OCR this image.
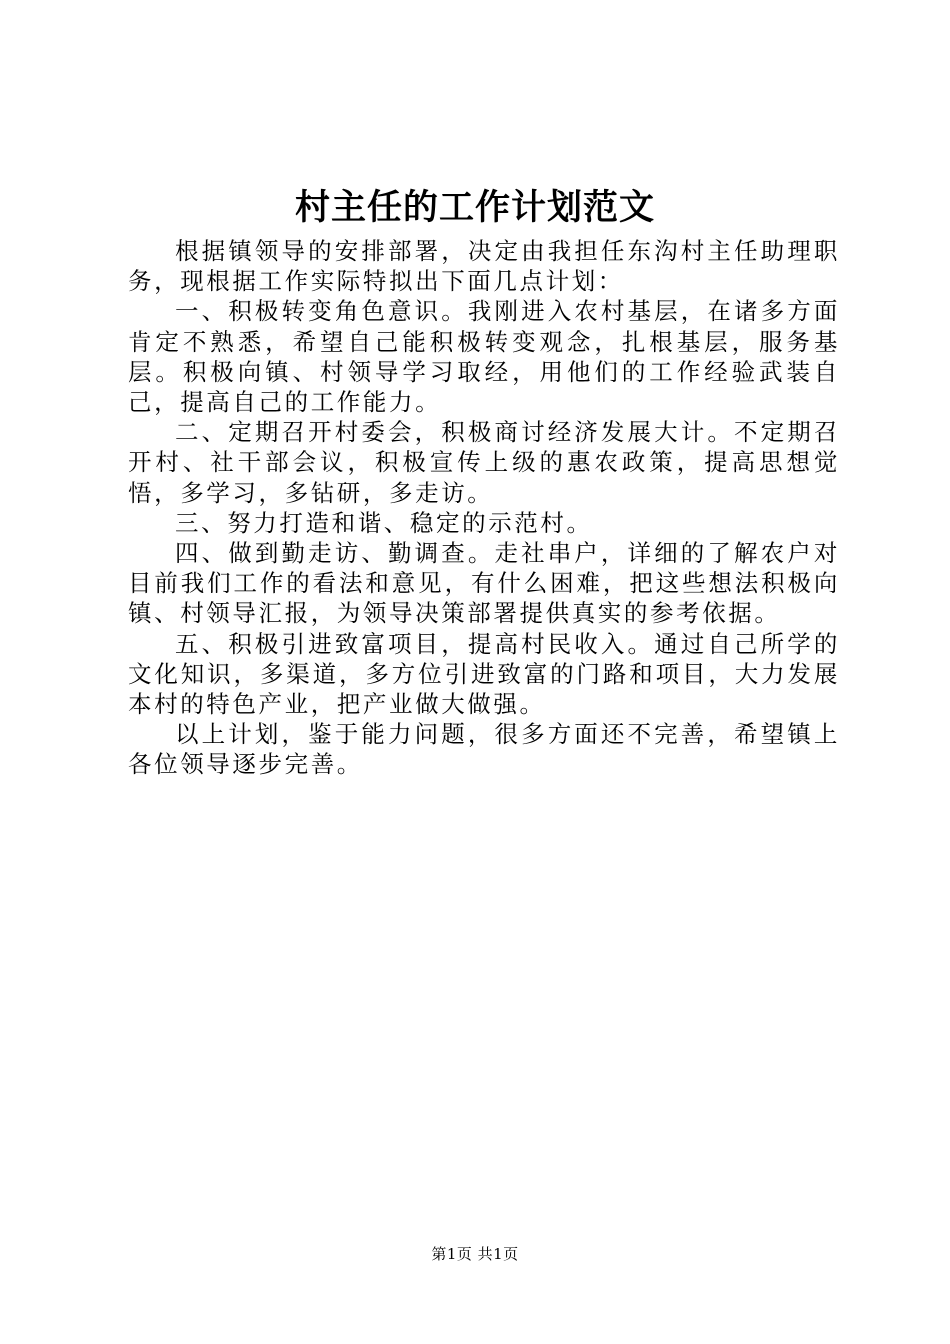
村主任的工作计划范文

根据镇领导的安排部署，决定由我担任东沟村主任助理职务，现根据工作实际特拟出下面几点计划：

一、积极转变角色意识。我刚进入农村基层，在诸多方面肯定不熟悉，希望自己能积极转变观念，扎根基层，服务基层。积极向镇、村领导学习取经，用他们的工作经验武装自己，提高自己的工作能力。

二、定期召开村委会，积极商讨经济发展大计。不定期召开村、社干部会议，积极宣传上级的惠农政策，提高思想觉悟，多学习，多钻研，多走访。

三、努力打造和谐、稳定的示范村。

四、做到勤走访、勤调查。走社串户，详细的了解农户对目前我们工作的看法和意见，有什么困难，把这些想法积极向镇、村领导汇报，为领导决策部署提供真实的参考依据。

五、积极引进致富项目，提高村民收入。通过自己所学的文化知识，多渠道，多方位引进致富的门路和项目，大力发展本村的特色产业，把产业做大做强。

以上计划，鉴于能力问题，很多方面还不完善，希望镇上各位领导逐步完善。

第1页 共1页
